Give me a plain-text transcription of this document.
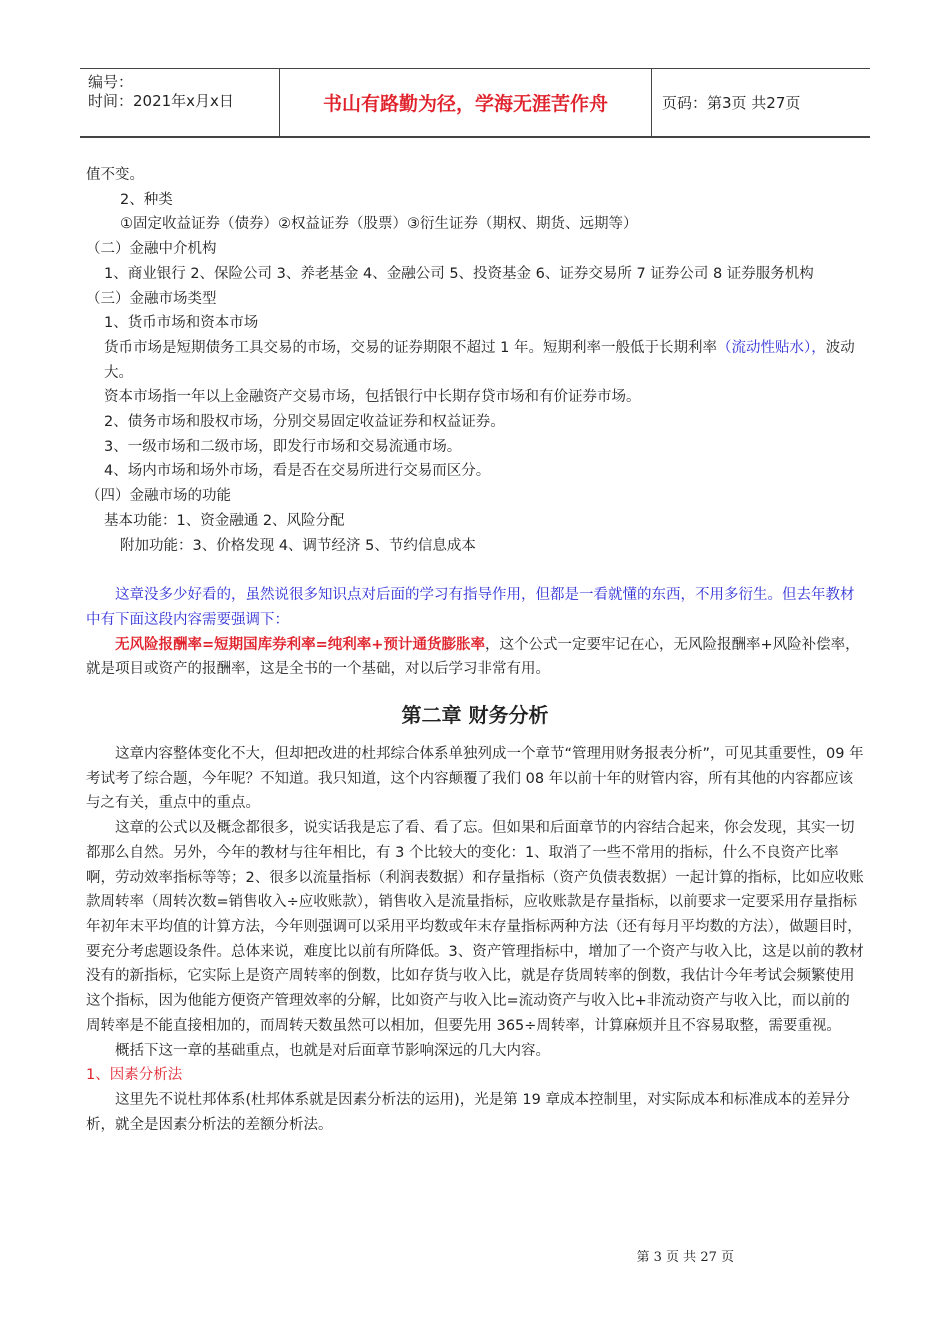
编号：
时间：2021年x月x日	书山有路勤为径，学海无涯苦作舟	页码：第3页 共27页

值不变。

2、种类

①固定收益证券（债券）②权益证券（股票）③衍生证券（期权、期货、远期等）

（二）金融中介机构

1、商业银行 2、保险公司 3、养老基金 4、金融公司 5、投资基金 6、证券交易所 7 证券公司 8 证券服务机构

（三）金融市场类型

1、货币市场和资本市场

货币市场是短期债务工具交易的市场，交易的证券期限不超过 1 年。短期利率一般低于长期利率（流动性贴水），波动大。

资本市场指一年以上金融资产交易市场，包括银行中长期存贷市场和有价证券市场。

2、债务市场和股权市场，分别交易固定收益证券和权益证券。

3、一级市场和二级市场，即发行市场和交易流通市场。

4、场内市场和场外市场，看是否在交易所进行交易而区分。

（四）金融市场的功能

基本功能：1、资金融通 2、风险分配

附加功能：3、价格发现 4、调节经济 5、节约信息成本

这章没多少好看的，虽然说很多知识点对后面的学习有指导作用，但都是一看就懂的东西，不用多衍生。但去年教材中有下面这段内容需要强调下：

无风险报酬率=短期国库券利率=纯利率+预计通货膨胀率，这个公式一定要牢记在心，无风险报酬率+风险补偿率，就是项目或资产的报酬率，这是全书的一个基础，对以后学习非常有用。

第二章 财务分析

这章内容整体变化不大，但却把改进的杜邦综合体系单独列成一个章节“管理用财务报表分析”，可见其重要性，09 年考试考了综合题，今年呢？不知道。我只知道，这个内容颠覆了我们 08 年以前十年的财管内容，所有其他的内容都应该与之有关，重点中的重点。

这章的公式以及概念都很多，说实话我是忘了看、看了忘。但如果和后面章节的内容结合起来，你会发现，其实一切都那么自然。另外，今年的教材与往年相比，有 3 个比较大的变化：1、取消了一些不常用的指标，什么不良资产比率啊，劳动效率指标等等；2、很多以流量指标（利润表数据）和存量指标（资产负债表数据）一起计算的指标，比如应收账款周转率（周转次数=销售收入÷应收账款），销售收入是流量指标，应收账款是存量指标，以前要求一定要采用存量指标年初年末平均值的计算方法，今年则强调可以采用平均数或年末存量指标两种方法（还有每月平均数的方法），做题目时，要充分考虑题设条件。总体来说，难度比以前有所降低。3、资产管理指标中，增加了一个资产与收入比，这是以前的教材没有的新指标，它实际上是资产周转率的倒数，比如存货与收入比，就是存货周转率的倒数，我估计今年考试会频繁使用这个指标，因为他能方便资产管理效率的分解，比如资产与收入比=流动资产与收入比+非流动资产与收入比，而以前的周转率是不能直接相加的，而周转天数虽然可以相加，但要先用 365÷周转率，计算麻烦并且不容易取整，需要重视。

概括下这一章的基础重点，也就是对后面章节影响深远的几大内容。

1、因素分析法

这里先不说杜邦体系(杜邦体系就是因素分析法的运用)，光是第 19 章成本控制里，对实际成本和标准成本的差异分析，就全是因素分析法的差额分析法。

第 3 页 共 27 页
